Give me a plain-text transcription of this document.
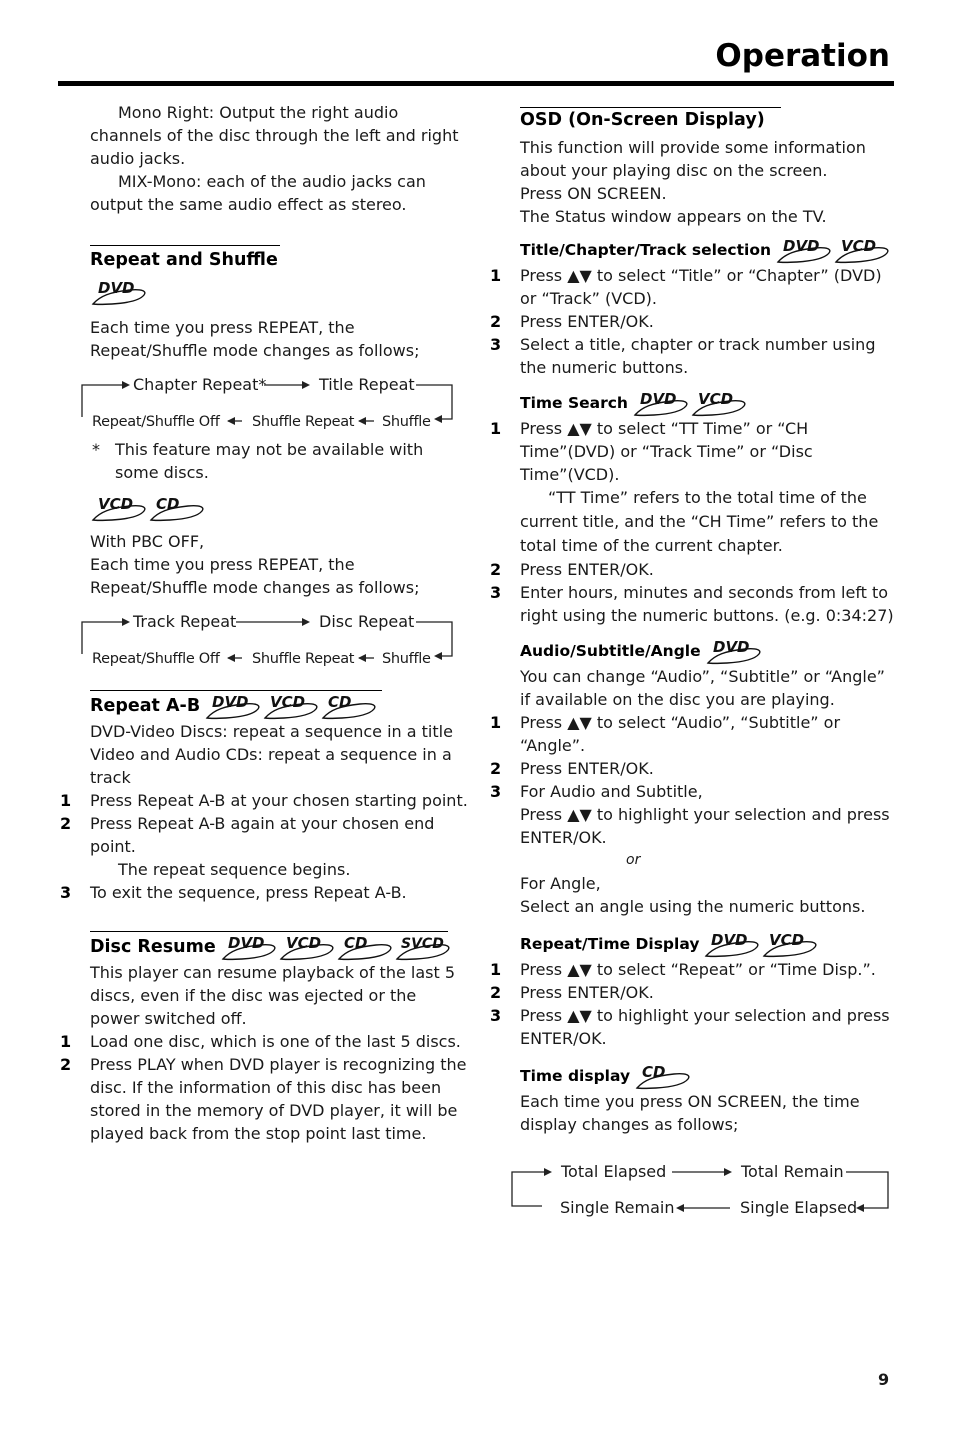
Operation

Mono Right: Output the right audio channels of the disc through the left and right audio jacks.

MIX-Mono: each of the audio jacks can output the same audio effect as stereo.

Repeat and Shuffle
DVD

Each time you press REPEAT, the Repeat/Shuffle mode changes as follows;

Chapter Repeat*	Title Repeat
Repeat/Shuffle Off Shuffle Repeat Shuffle

* This feature may not be available with some discs.

VCD CD

With PBC OFF,

Each time you press REPEAT, the Repeat/Shuffle mode changes as follows;

Track Repeat	Disc Repeat
Repeat/Shuffle Off Shuffle Repeat Shuffle
Repeat A-B DVD VCD CD

DVD-Video Discs: repeat a sequence in a title Video and Audio CDs: repeat a sequence in a track

1 Press Repeat A-B at your chosen starting point.

2 Press Repeat A-B again at your chosen end point.

The repeat sequence begins.

3 To exit the sequence, press Repeat A-B.

Disc Resume DVD VCD CD SVCD

This player can resume playback of the last 5 discs, even if the disc was ejected or the power switched off.

1 Load one disc, which is one of the last 5 discs.

2 Press PLAY when DVD player is recognizing the disc. If the information of this disc has been stored in the memory of DVD player, it will be played back from the stop point last time.

OSD (On-Screen Display)

This function will provide some information about your playing disc on the screen.

Press ON SCREEN.

The Status window appears on the TV.

Title/Chapter/Track selection DVD VCD

1 Press ▲▼ to select “Title” or “Chapter” (DVD) or “Track” (VCD).

2 Press ENTER/OK.

3 Select a title, chapter or track number using the numeric buttons.

Time Search DVD VCD

1 Press ▲▼ to select “TT Time” or “CH Time”(DVD) or “Track Time” or “Disc Time”(VCD).

“TT Time” refers to the total time of the current title, and the “CH Time” refers to the total time of the current chapter.

2 Press ENTER/OK.

3 Enter hours, minutes and seconds from left to right using the numeric buttons. (e.g. 0:34:27)

Audio/Subtitle/Angle DVD

You can change “Audio”, “Subtitle” or “Angle” if available on the disc you are playing.

1 Press ▲▼ to select “Audio”, “Subtitle” or “Angle”.

2 Press ENTER/OK.

3 For Audio and Subtitle,

Press ▲▼ to highlight your selection and press ENTER/OK.

or

For Angle,

Select an angle using the numeric buttons.

Repeat/Time Display DVD VCD

1 Press ▲▼ to select “Repeat” or “Time Disp.”.

2 Press ENTER/OK.

3 Press ▲▼ to highlight your selection and press ENTER/OK.

Time display CD

Each time you press ON SCREEN, the time display changes as follows;

Total Elapsed	Total Remain
Single Remain	Single Elapsed
9
